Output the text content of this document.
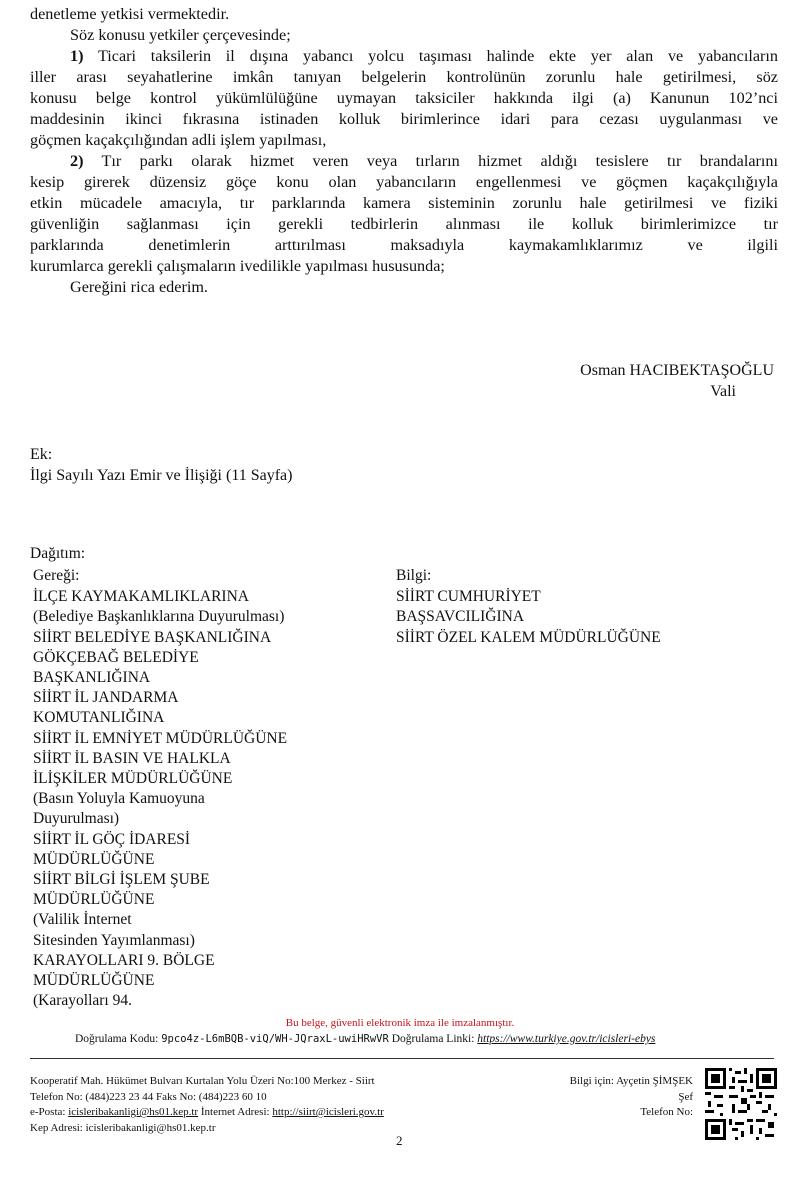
denetleme yetkisi vermektedir.

Söz konusu yetkiler çerçevesinde;

1) Ticari taksilerin il dışına yabancı yolcu taşıması halinde ekte yer alan ve yabancıların
iller arası seyahatlerine imkân tanıyan belgelerin kontrolünün zorunlu hale getirilmesi, söz
konusu belge kontrol yükümlülüğüne uymayan taksiciler hakkında ilgi (a) Kanunun 102’nci
maddesinin ikinci fıkrasına istinaden kolluk birimlerince idari para cezası uygulanması ve
göçmen kaçakçılığından adli işlem yapılması,
2) Tır parkı olarak hizmet veren veya tırların hizmet aldığı tesislere tır brandalarını
kesip girerek düzensiz göçe konu olan yabancıların engellenmesi ve göçmen kaçakçılığıyla
etkin mücadele amacıyla, tır parklarında kamera sisteminin zorunlu hale getirilmesi ve fiziki
güvenliğin sağlanması için gerekli tedbirlerin alınması ile kolluk birimlerimizce tır
parklarında denetimlerin arttırılması maksadıyla kaymakamlıklarımız ve ilgili
kurumlarca gerekli çalışmaların ivedilikle yapılması hususunda;

Gereğini rica ederim.

Osman HACIBEKTAŞOĞLU
Vali
Ek:
İlgi Sayılı Yazı Emir ve İlişiği (11 Sayfa)
Dağıtım:
Gereği:
İLÇE KAYMAKAMLIKLARINA
(Belediye Başkanlıklarına Duyurulması)
SİİRT BELEDİYE BAŞKANLIĞINA
GÖKÇEBAĞ BELEDİYE
BAŞKANLIĞINA
SİİRT İL JANDARMA
KOMUTANLIĞINA
SİİRT İL EMNİYET MÜDÜRLÜĞÜNE
SİİRT İL BASIN VE HALKLA
İLİŞKİLER MÜDÜRLÜĞÜNE
(Basın Yoluyla Kamuoyuna
Duyurulması)
SİİRT İL GÖÇ İDARESİ
MÜDÜRLÜĞÜNE
SİİRT BİLGİ İŞLEM ŞUBE
MÜDÜRLÜĞÜNE
(Valilik İnternet
Sitesinden Yayımlanması)
KARAYOLLARI 9. BÖLGE
MÜDÜRLÜĞÜNE
(Karayolları 94.
Bilgi:
SİİRT CUMHURİYET
BAŞSAVCILIĞINA
SİİRT ÖZEL KALEM MÜDÜRLÜĞÜNE
Bu belge, güvenli elektronik imza ile imzalanmıştır.
Doğrulama Kodu: 9pco4z-L6mBQB-viQ/WH-JQraxL-uwiHRwVR Doğrulama Linki: https://www.turkiye.gov.tr/icisleri-ebys
Kooperatif Mah. Hükümet Bulvarı Kurtalan Yolu Üzeri No:100 Merkez - Siirt
Telefon No: (484)223 23 44 Faks No: (484)223 60 10
e-Posta: icisleribakanligi@hs01.kep.tr İnternet Adresi: http://siirt@icisleri.gov.tr
Kep Adresi: icisleribakanligi@hs01.kep.tr
Bilgi için: Ayçetin ŞİMŞEK
Şef
Telefon No:
2
